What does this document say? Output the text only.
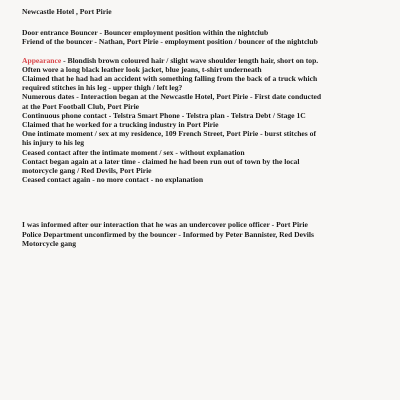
Newcastle Hotel , Port Pirie
Door entrance Bouncer - Bouncer employment position within the nightclub
Friend of the bouncer - Nathan, Port Pirie - employment position / bouncer of the nightclub
Appearance - Blondish brown coloured hair / slight wave shoulder length hair, short on top.
Often wore a long black leather look jacket, blue jeans, t-shirt underneath
Claimed that he had had an accident with something falling from the back of a truck which
required stitches in his leg - upper thigh / left leg?
Numerous dates - Interaction began at the Newcastle Hotel, Port Pirie - First date conducted
at the Port Football Club, Port Pirie
Continuous phone contact - Telstra Smart Phone - Telstra plan - Telstra Debt / Stage 1C
Claimed that he worked for a trucking industry in Port Pirie
One intimate moment / sex at my residence, 109 French Street, Port Pirie - burst stitches of
his injury to his leg
Ceased contact after the intimate moment / sex - without explanation
Contact began again at a later time - claimed he had been run out of town by the local
motorcycle gang / Red Devils, Port Pirie
Ceased contact again - no more contact - no explanation
I was informed after our interaction that he was an undercover police officer - Port Pirie
Police Department unconfirmed by the bouncer - Informed by Peter Bannister, Red Devils
Motorcycle gang
